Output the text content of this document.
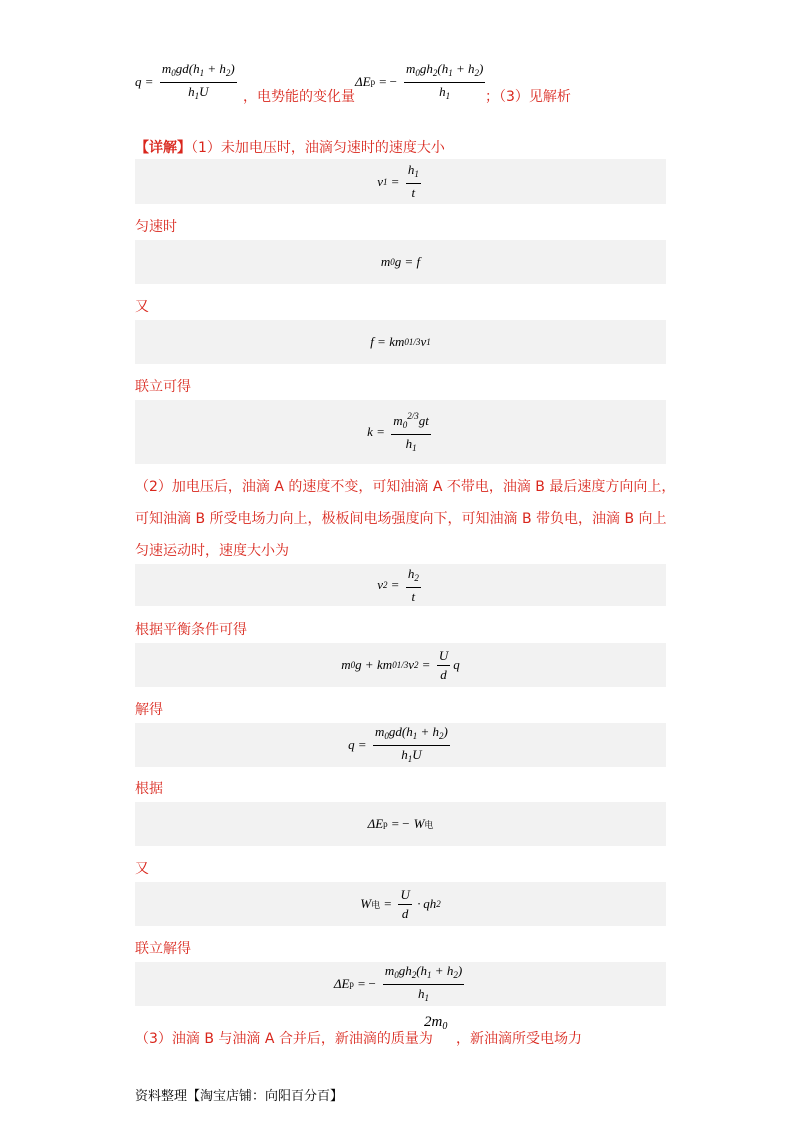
$q = \frac{m_0gd(h_1 + h_2)}{h_1U}$ ，电势能的变化量
ΔE p = − $\frac{m_0gh_2(h_1 + h_2)}{h_1}$ ；（3）见解析
【详解】（1）未加电压时，油滴匀速时的速度大小
v $1 = \frac{h_1}{t}$
匀速时
m 0 g = f
又
f = km 0 1/3 v 1
联立可得
$k = \frac{m_0^{2/3}gt}{h_1}$
（2）加电压后，油滴 A 的速度不变，可知油滴 A 不带电，油滴 B 最后速度方向向上，
可知油滴 B 所受电场力向上，极板间电场强度向下，可知油滴 B 带负电，油滴 B 向上
匀速运动时，速度大小为
v $2 = \frac{h_2}{t}$
根据平衡条件可得
m 0 g + km 0 1/3 v $2 = \frac{U}{d}$ q
解得
$q = \frac{m_0gd(h_1 + h_2)}{h_1U}$
根据
ΔE p = − W 电
又
W 电 = $\frac{U}{d}$ · qh 2
联立解得
ΔE p = − $\frac{m_0gh_2(h_1 + h_2)}{h_1}$
（3）油滴 B 与油滴 A 合并后，新油滴的质量为
$2m_0$
，新油滴所受电场力
资料整理【淘宝店铺：向阳百分百】
